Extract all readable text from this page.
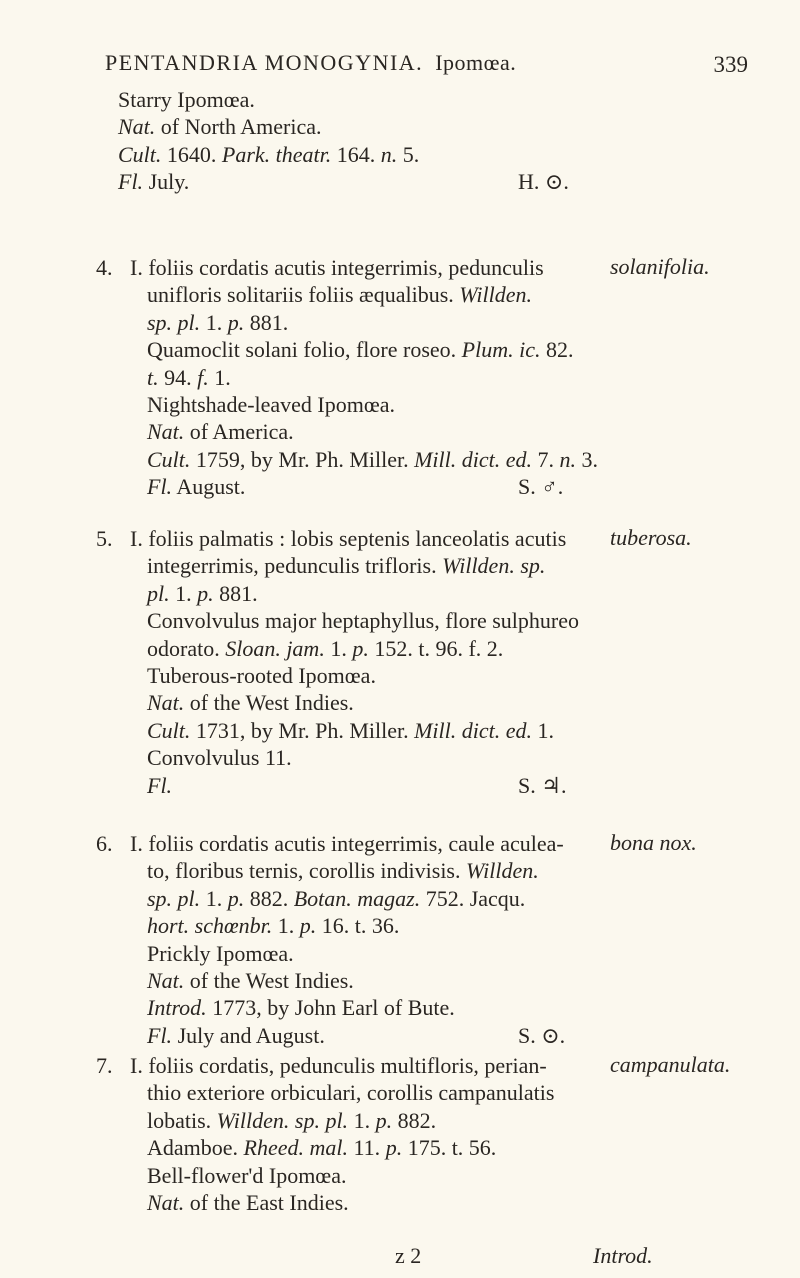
PENTANDRIA MONOGYNIA. Ipomœa.	339
Starry Ipomœa.
Nat. of North America.
Cult. 1640. Park. theatr. 164. n. 5.
Fl. July.	H. ⊙.
4.	solanifolia.
I. foliis cordatis acutis integerrimis, pedunculis
unifloris solitariis foliis æqualibus. Willden.
sp. pl. 1. p. 881.
Quamoclit solani folio, flore roseo. Plum. ic. 82.
t. 94. f. 1.
Nightshade-leaved Ipomœa.
Nat. of America.
Cult. 1759, by Mr. Ph. Miller. Mill. dict. ed. 7. n. 3.
Fl. August.	S. ♂.
5.	tuberosa.
I. foliis palmatis : lobis septenis lanceolatis acutis
integerrimis, pedunculis trifloris. Willden. sp.
pl. 1. p. 881.
Convolvulus major heptaphyllus, flore sulphureo
odorato. Sloan. jam. 1. p. 152. t. 96. f. 2.
Tuberous-rooted Ipomœa.
Nat. of the West Indies.
Cult. 1731, by Mr. Ph. Miller. Mill. dict. ed. 1.
Convolvulus 11.
Fl.	S. ♃.
6.	bona nox.
I. foliis cordatis acutis integerrimis, caule aculea-
to, floribus ternis, corollis indivisis. Willden.
sp. pl. 1. p. 882. Botan. magaz. 752. Jacqu.
hort. schœnbr. 1. p. 16. t. 36.
Prickly Ipomœa.
Nat. of the West Indies.
Introd. 1773, by John Earl of Bute.
Fl. July and August.	S. ⊙.
7.	campanulata.
I. foliis cordatis, pedunculis multifloris, perian-
thio exteriore orbiculari, corollis campanulatis
lobatis. Willden. sp. pl. 1. p. 882.
Adamboe. Rheed. mal. 11. p. 175. t. 56.
Bell-flower'd Ipomœa.
Nat. of the East Indies.
z 2	Introd.
